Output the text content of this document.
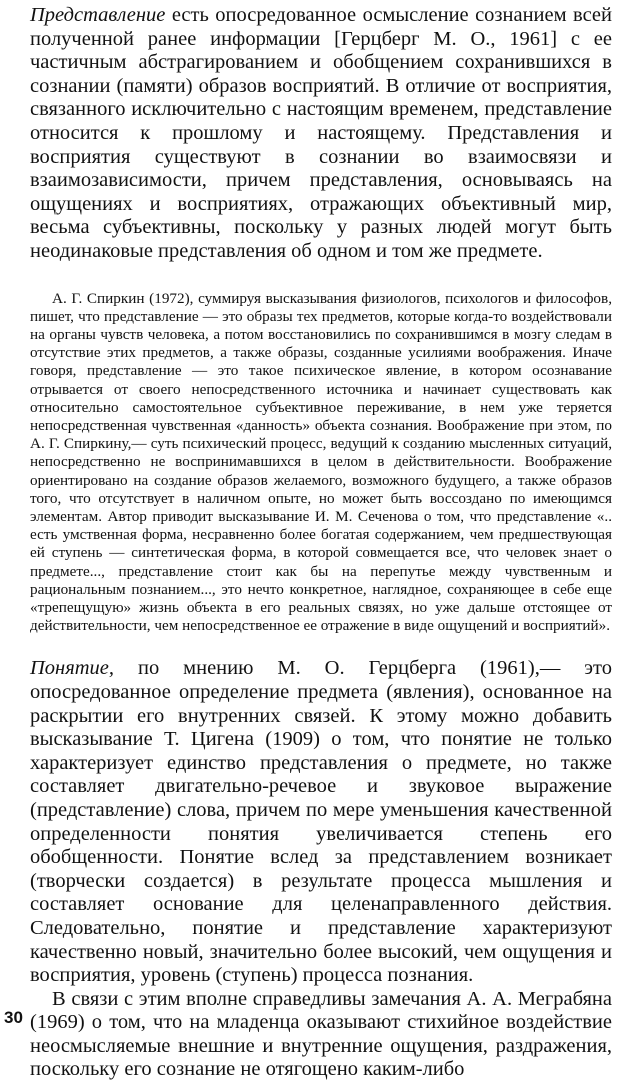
Представление есть опосредованное осмысление сознанием всей полученной ранее информации [Герцберг М. О., 1961] с ее частичным абстрагированием и обобщением сохранившихся в сознании (памяти) образов восприятий. В отличие от восприятия, связанного исключительно с настоящим временем, представление относится к прошлому и настоящему. Представления и восприятия существуют в сознании во взаимосвязи и взаимозависимости, причем представления, основываясь на ощущениях и восприятиях, отражающих объективный мир, весьма субъективны, поскольку у разных людей могут быть неодинаковые представления об одном и том же предмете.

А. Г. Спиркин (1972), суммируя высказывания физиологов, психологов и философов, пишет, что представление — это образы тех предметов, которые когда-то воздействовали на органы чувств человека, а потом восстановились по сохранившимся в мозгу следам в отсутствие этих предметов, а также образы, созданные усилиями воображения. Иначе говоря, представление — это такое психическое явление, в котором осознавание отрывается от своего непосредственного источника и начинает существовать как относительно самостоятельное субъективное переживание, в нем уже теряется непосредственная чувственная «данность» объекта сознания. Воображение при этом, по А. Г. Спиркину,— суть психический процесс, ведущий к созданию мысленных ситуаций, непосредственно не воспринимавшихся в целом в действительности. Воображение ориентировано на создание образов желаемого, возможного будущего, а также образов того, что отсутствует в наличном опыте, но может быть воссоздано по имеющимся элементам. Автор приводит высказывание И. М. Сеченова о том, что представление «.. есть умственная форма, несравненно более богатая содержанием, чем предшествующая ей ступень — синтетическая форма, в которой совмещается все, что человек знает о предмете..., представление стоит как бы на перепутье между чувственным и рациональным познанием..., это нечто конкретное, наглядное, сохраняющее в себе еще «трепещущую» жизнь объекта в его реальных связях, но уже дальше отстоящее от действительности, чем непосредственное ее отражение в виде ощущений и восприятий».

Понятие, по мнению М. О. Герцберга (1961),— это опосредованное определение предмета (явления), основанное на раскрытии его внутренних связей. К этому можно добавить высказывание Т. Цигена (1909) о том, что понятие не только характеризует единство представления о предмете, но также составляет двигательно-речевое и звуковое выражение (представление) слова, причем по мере уменьшения качественной определенности понятия увеличивается степень его обобщенности. Понятие вслед за представлением возникает (творчески создается) в результате процесса мышления и составляет основание для целенаправленного действия. Следовательно, понятие и представление характеризуют качественно новый, значительно более высокий, чем ощущения и восприятия, уровень (ступень) процесса познания.

В связи с этим вполне справедливы замечания А. А. Меграбяна (1969) о том, что на младенца оказывают стихийное воздействие неосмысляемые внешние и внутренние ощущения, раздражения, поскольку его сознание не отягощено каким-либо

30
